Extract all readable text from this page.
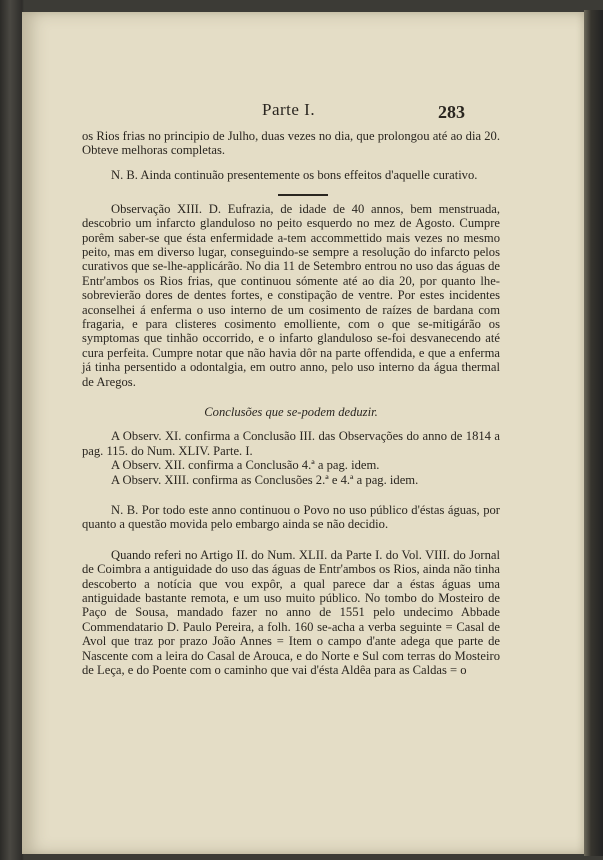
Parte I.	283

os Rios frias no principio de Julho, duas vezes no dia, que prolongou até ao dia 20. Obteve melhoras completas.

N. B. Ainda continuão presentemente os bons effeitos d'aquelle curativo.

Observação XIII. D. Eufrazia, de idade de 40 annos, bem menstruada, descobrio um infarcto glanduloso no peito esquerdo no mez de Agosto. Cumpre porêm saber-se que ésta enfermidade a-tem accommettido mais vezes no mesmo peito, mas em diverso lugar, conseguindo-se sempre a resolução do infarcto pelos curativos que se-lhe-applicárão. No dia 11 de Setembro entrou no uso das águas de Entr'ambos os Rios frias, que continuou sómente até ao dia 20, por quanto lhe-sobrevierão dores de dentes fortes, e constipação de ventre. Por estes incidentes aconselhei á enferma o uso interno de um cosimento de raízes de bardana com fragaria, e para clisteres cosimento emolliente, com o que se-mitigárão os symptomas que tinhão occorrido, e o infarto glanduloso se-foi desvanecendo até cura perfeita. Cumpre notar que não havia dôr na parte offendida, e que a enferma já tinha persentido a odontalgia, em outro anno, pelo uso interno da água thermal de Aregos.

Conclusões que se-podem deduzir.

A Observ. XI. confirma a Conclusão III. das Observações do anno de 1814 a pag. 115. do Num. XLIV. Parte. I.

A Observ. XII. confirma a Conclusão 4.ª a pag. idem.

A Observ. XIII. confirma as Conclusões 2.ª e 4.ª a pag. idem.

N. B. Por todo este anno continuou o Povo no uso público d'éstas águas, por quanto a questão movida pelo embargo ainda se não decidio.

Quando referi no Artigo II. do Num. XLII. da Parte I. do Vol. VIII. do Jornal de Coimbra a antiguidade do uso das águas de Entr'ambos os Rios, ainda não tinha descoberto a notícia que vou expôr, a qual parece dar a éstas águas uma antiguidade bastante remota, e um uso muito público. No tombo do Mosteiro de Paço de Sousa, mandado fazer no anno de 1551 pelo undecimo Abbade Commendatario D. Paulo Pereira, a folh. 160 se-acha a verba seguinte = Casal de Avol que traz por prazo João Annes = Item o campo d'ante adega que parte de Nascente com a leira do Casal de Arouca, e do Norte e Sul com terras do Mosteiro de Leça, e do Poente com o caminho que vai d'ésta Aldêa para as Caldas = o
